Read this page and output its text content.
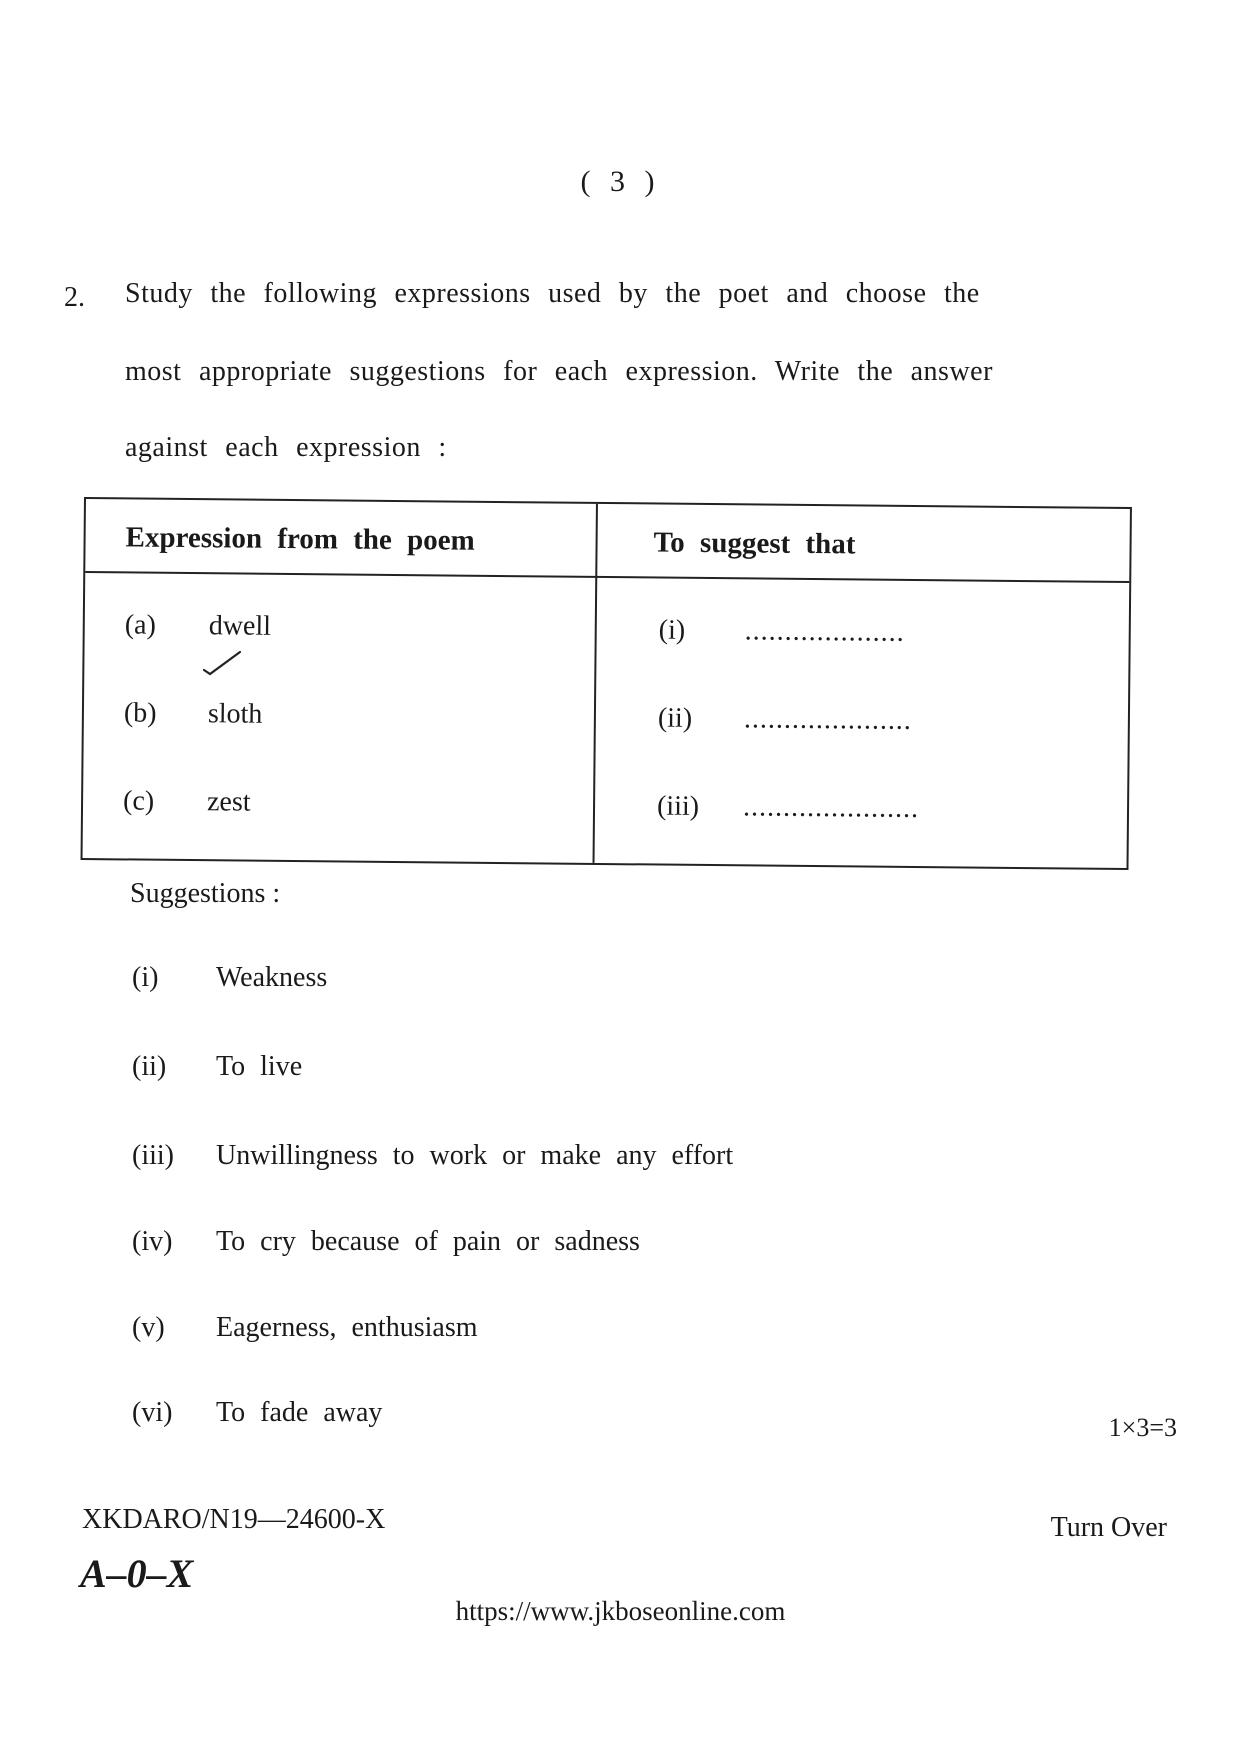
( 3 )
2. Study the following expressions used by the poet and choose the
most appropriate suggestions for each expression. Write the answer
against each expression :
Expression from the poem	To suggest that
(a) dwell	(i) ....................
(b) sloth	(ii) .....................
(c) zest	(iii) ......................
Suggestions :
(i) Weakness
(ii) To live
(iii) Unwillingness to work or make any effort
(iv) To cry because of pain or sadness
(v) Eagerness, enthusiasm
(vi) To fade away	1×3=3
XKDARO/N19—24600-X
A–0–X
Turn Over
https://www.jkboseonline.com
